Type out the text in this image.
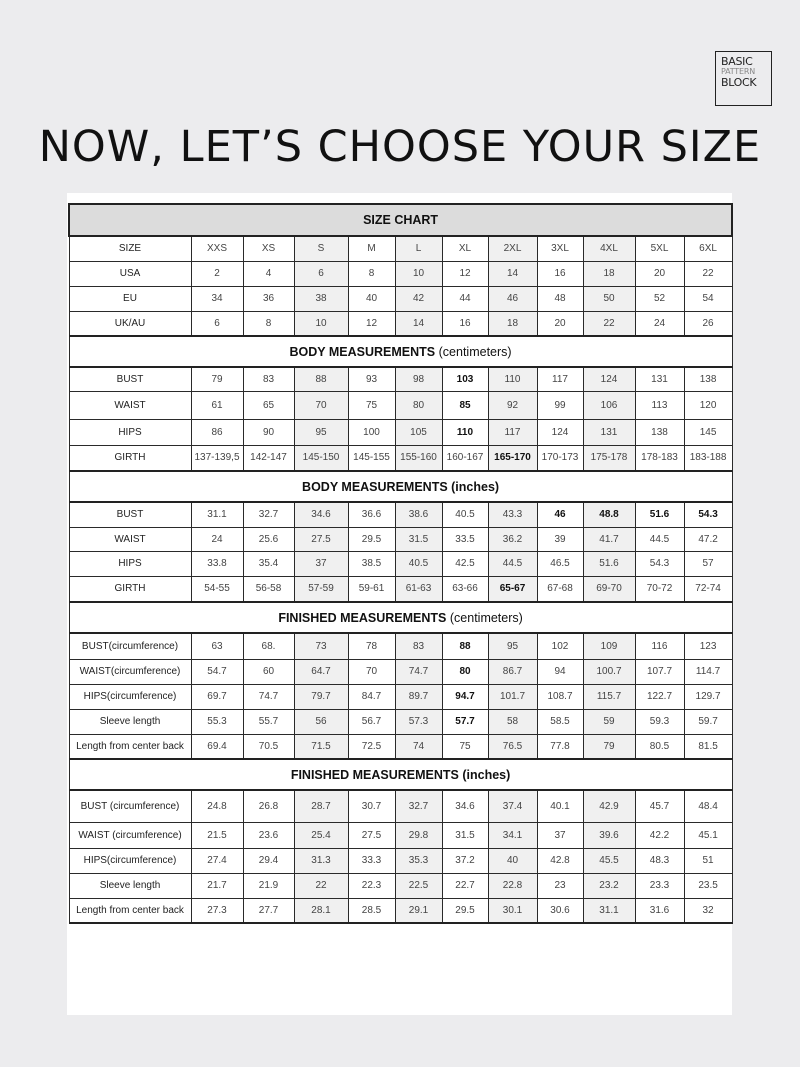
BASIC
PATTERN
BLOCK
NOW, LET’S CHOOSE YOUR SIZE
SIZE CHART											
SIZE	XXS	XS	S	M	L	XL	2XL	3XL	4XL	5XL	6XL
USA	2	4	6	8	10	12	14	16	18	20	22
EU	34	36	38	40	42	44	46	48	50	52	54
UK/AU	6	8	10	12	14	16	18	20	22	24	26
BODY MEASUREMENTS (centimeters)											
BUST	79	83	88	93	98	103	110	117	124	131	138
WAIST	61	65	70	75	80	85	92	99	106	113	120
HIPS	86	90	95	100	105	110	117	124	131	138	145
GIRTH	137-139,5	142-147	145-150	145-155	155-160	160-167	165-170	170-173	175-178	178-183	183-188
BODY MEASUREMENTS (inches)											
BUST	31.1	32.7	34.6	36.6	38.6	40.5	43.3	46	48.8	51.6	54.3
WAIST	24	25.6	27.5	29.5	31.5	33.5	36.2	39	41.7	44.5	47.2
HIPS	33.8	35.4	37	38.5	40.5	42.5	44.5	46.5	51.6	54.3	57
GIRTH	54-55	56-58	57-59	59-61	61-63	63-66	65-67	67-68	69-70	70-72	72-74
FINISHED MEASUREMENTS (centimeters)											
BUST(circumference)	63	68.	73	78	83	88	95	102	109	116	123
WAIST(circumference)	54.7	60	64.7	70	74.7	80	86.7	94	100.7	107.7	114.7
HIPS(circumference)	69.7	74.7	79.7	84.7	89.7	94.7	101.7	108.7	115.7	122.7	129.7
Sleeve length	55.3	55.7	56	56.7	57.3	57.7	58	58.5	59	59.3	59.7
Length from center back	69.4	70.5	71.5	72.5	74	75	76.5	77.8	79	80.5	81.5
FINISHED MEASUREMENTS (inches)											
BUST (circumference)	24.8	26.8	28.7	30.7	32.7	34.6	37.4	40.1	42.9	45.7	48.4
WAIST (circumference)	21.5	23.6	25.4	27.5	29.8	31.5	34.1	37	39.6	42.2	45.1
HIPS(circumference)	27.4	29.4	31.3	33.3	35.3	37.2	40	42.8	45.5	48.3	51
Sleeve length	21.7	21.9	22	22.3	22.5	22.7	22.8	23	23.2	23.3	23.5
Length from center back	27.3	27.7	28.1	28.5	29.1	29.5	30.1	30.6	31.1	31.6	32
